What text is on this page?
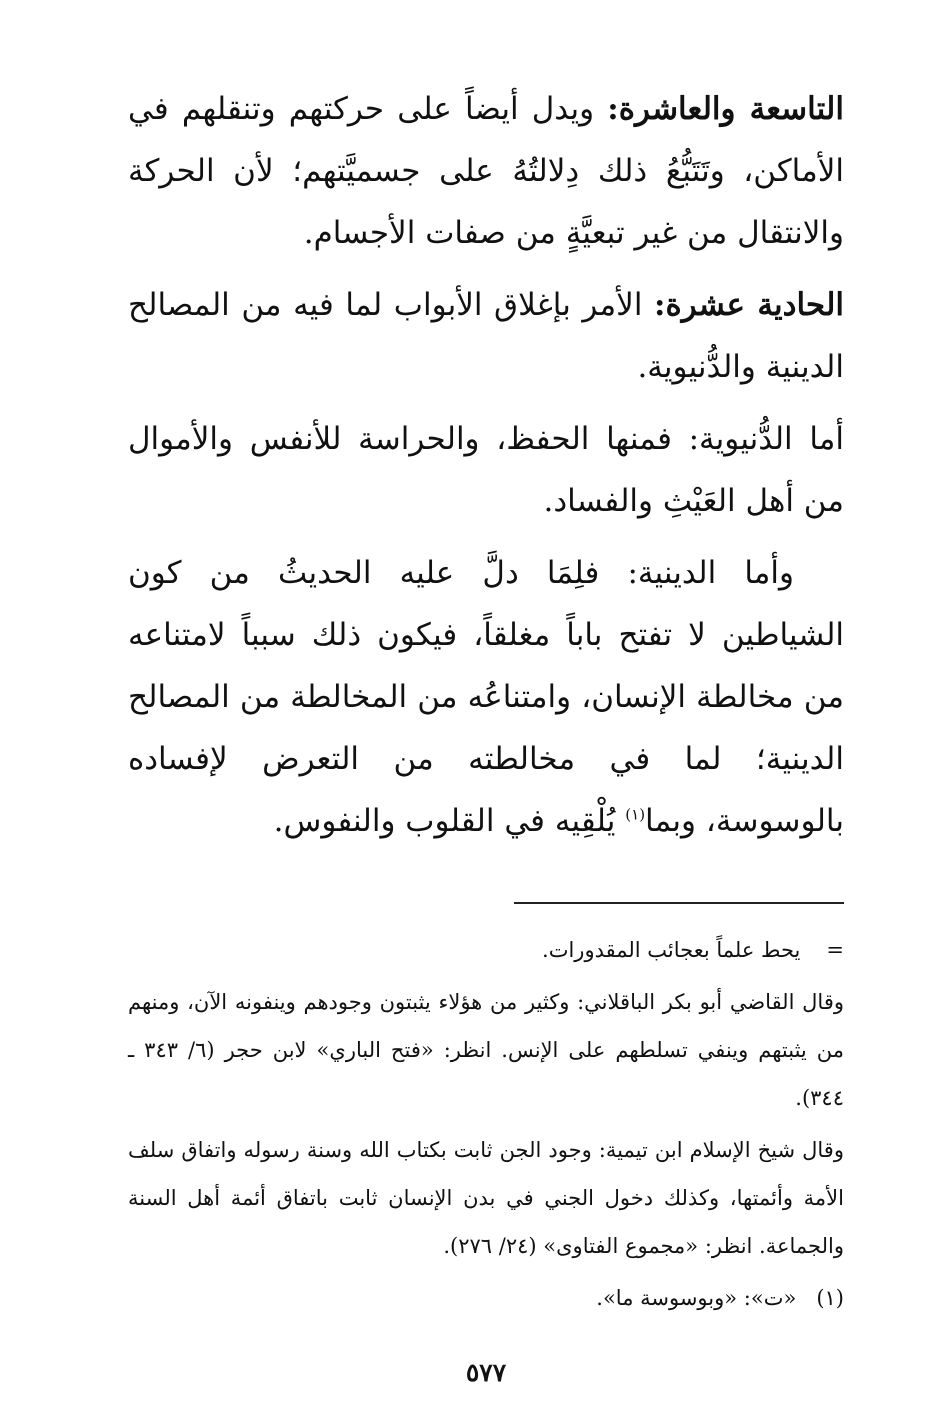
التاسعة والعاشرة: ويدل أيضاً على حركتهم وتنقلهم في الأماكن، وتَتَبُّعُ ذلك دِلالتُهُ على جسميَّتهم؛ لأن الحركة والانتقال من غير تبعيَّةٍ من صفات الأجسام.

الحادية عشرة: الأمر بإغلاق الأبواب لما فيه من المصالح الدينية والدُّنيوية.

أما الدُّنيوية: فمنها الحفظ، والحراسة للأنفس والأموال من أهل العَيْثِ والفساد.

وأما الدينية: فلِمَا دلَّ عليه الحديثُ من كون الشياطين لا تفتح باباً مغلقاً، فيكون ذلك سبباً لامتناعه من مخالطة الإنسان، وامتناعُه من المخالطة من المصالح الدينية؛ لما في مخالطته من التعرض لإفساده بالوسوسة، وبما$^{(١)}$ يُلْقِيه في القلوب والنفوس.

=
يحط علماً بعجائب المقدورات.

وقال القاضي أبو بكر الباقلاني: وكثير من هؤلاء يثبتون وجودهم وينفونه الآن، ومنهم من يثبتهم وينفي تسلطهم على الإنس. انظر: «فتح الباري» لابن حجر (٦/ ٣٤٣ ـ ٣٤٤).

وقال شيخ الإسلام ابن تيمية: وجود الجن ثابت بكتاب الله وسنة رسوله واتفاق سلف الأمة وأئمتها، وكذلك دخول الجني في بدن الإنسان ثابت باتفاق أئمة أهل السنة والجماعة. انظر: «مجموع الفتاوى» (٢٤/ ٢٧٦).

(١)
«ت»: «وبوسوسة ما».

٥٧٧
